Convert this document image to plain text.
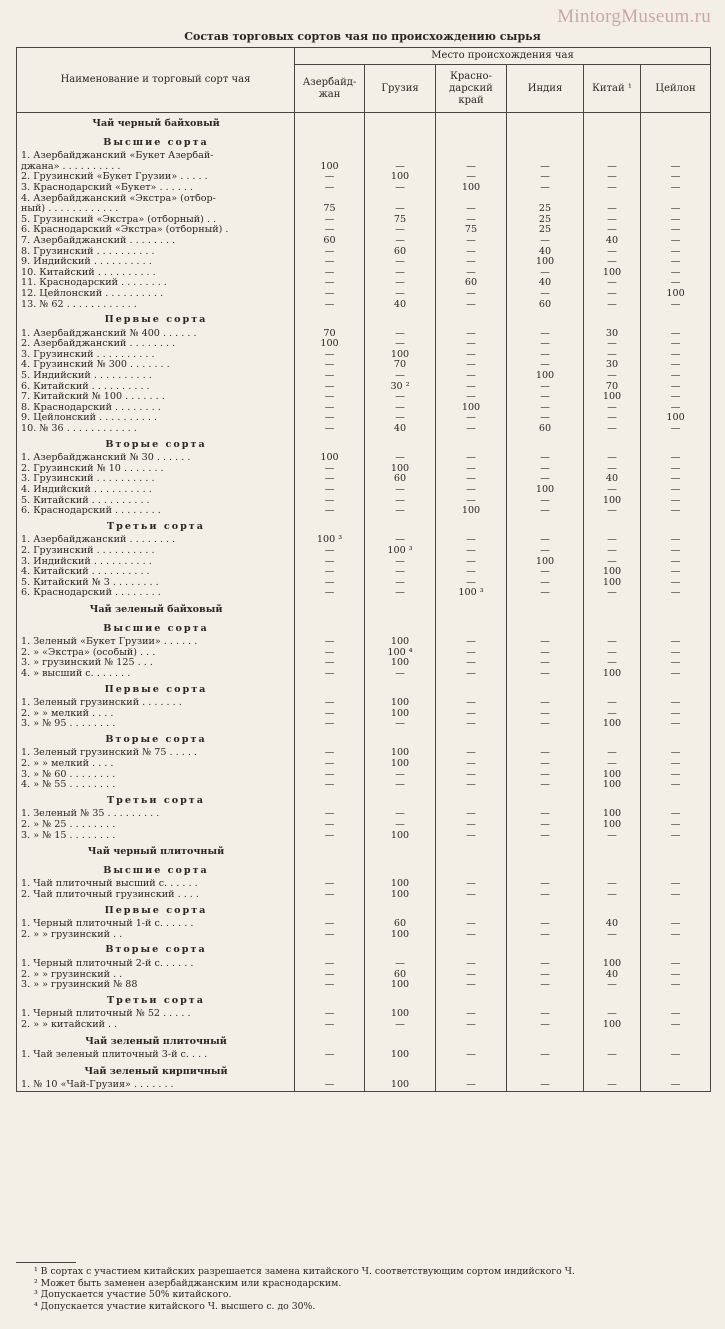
MintorgMuseum.ru
Состав торговых сортов чая по происхождению сырья
Наименование и торговый сорт чая	Место происхождения чая					
	Азербайд-жан	Грузия	Красно-дарский край	Индия	Китай ¹	Цейлон
Чай черный байховый						
Высшие сорта						
1. Азербайджанский «Букет Азербай-						
джана» . . . . . . . . . .	100	—	—	—	—	—
2. Грузинский «Букет Грузии» . . . . .	—	100	—	—	—	—
3. Краснодарский «Букет» . . . . . .	—	—	100	—	—	—
4. Азербайджанский «Экстра» (отбор-						
ный) . . . . . . . . . . . .	75	—	—	25	—	—
5. Грузинский «Экстра» (отборный) . .	—	75	—	25	—	—
6. Краснодарский «Экстра» (отборный) .	—	—	75	25	—	—
7. Азербайджанский . . . . . . . .	60	—	—	—	40	—
8. Грузинский . . . . . . . . . .	—	60	—	40	—	—
9. Индийский . . . . . . . . . .	—	—	—	100	—	—
10. Китайский . . . . . . . . . .	—	—	—	—	100	—
11. Краснодарский . . . . . . . .	—	—	60	40	—	—
12. Цейлонский . . . . . . . . . .	—	—	—	—	—	100
13. № 62 . . . . . . . . . . . .	—	40	—	60	—	—
Первые сорта						
1. Азербайджанский № 400 . . . . . .	70	—	—	—	30	—
2. Азербайджанский . . . . . . . .	100	—	—	—	—	—
3. Грузинский . . . . . . . . . .	—	100	—	—	—	—
4. Грузинский № 300 . . . . . . .	—	70	—	—	30	—
5. Индийский . . . . . . . . . .	—	—	—	100	—	—
6. Китайский . . . . . . . . . .	—	30 ²	—	—	70	—
7. Китайский № 100 . . . . . . .	—	—	—	—	100	—
8. Краснодарский . . . . . . . .	—	—	100	—	—	—
9. Цейлонский . . . . . . . . . .	—	—	—	—	—	100
10. № 36 . . . . . . . . . . . .	—	40	—	60	—	—
Вторые сорта						
1. Азербайджанский № 30 . . . . . .	100	—	—	—	—	—
2. Грузинский № 10 . . . . . . .	—	100	—	—	—	—
3. Грузинский . . . . . . . . . .	—	60	—	—	40	—
4. Индийский . . . . . . . . . .	—	—	—	100	—	—
5. Китайский . . . . . . . . . .	—	—	—	—	100	—
6. Краснодарский . . . . . . . .	—	—	100	—	—	—
Третьи сорта						
1. Азербайджанский . . . . . . . .	100 ³	—	—	—	—	—
2. Грузинский . . . . . . . . . .	—	100 ³	—	—	—	—
3. Индийский . . . . . . . . . .	—	—	—	100	—	—
4. Китайский . . . . . . . . . .	—	—	—	—	100	—
5. Китайский № 3 . . . . . . . .	—	—	—	—	100	—
6. Краснодарский . . . . . . . .	—	—	100 ³	—	—	—
Чай зеленый байховый						
Высшие сорта						
1. Зеленый «Букет Грузии» . . . . . .	—	100	—	—	—	—
2. » «Экстра» (особый) . . .	—	100 ⁴	—	—	—	—
3. » грузинский № 125 . . .	—	100	—	—	—	—
4. » высший с. . . . . . .	—	—	—	—	100	—
Первые сорта						
1. Зеленый грузинский . . . . . . .	—	100	—	—	—	—
2. » » мелкий . . . .	—	100	—	—	—	—
3. » № 95 . . . . . . . .	—	—	—	—	100	—
Вторые сорта						
1. Зеленый грузинский № 75 . . . . .	—	100	—	—	—	—
2. » » мелкий . . . .	—	100	—	—	—	—
3. » № 60 . . . . . . . .	—	—	—	—	100	—
4. » № 55 . . . . . . . .	—	—	—	—	100	—
Третьи сорта						
1. Зеленый № 35 . . . . . . . . .	—	—	—	—	100	—
2. » № 25 . . . . . . . .	—	—	—	—	100	—
3. » № 15 . . . . . . . .	—	100	—	—	—	—
Чай черный плиточный						
Высшие сорта						
1. Чай плиточный высший с. . . . . .	—	100	—	—	—	—
2. Чай плиточный грузинский . . . .	—	100	—	—	—	—
Первые сорта						
1. Черный плиточный 1-й с. . . . . .	—	60	—	—	40	—
2. » » грузинский . .	—	100	—	—	—	—
Вторые сорта						
1. Черный плиточный 2-й с. . . . . .	—	—	—	—	100	—
2. » » грузинский . .	—	60	—	—	40	—
3. » » грузинский № 88	—	100	—	—	—	—
Третьи сорта						
1. Черный плиточный № 52 . . . . .	—	100	—	—	—	—
2. » » китайский . .	—	—	—	—	100	—
Чай зеленый плиточный						
1. Чай зеленый плиточный 3-й с. . . .	—	100	—	—	—	—
Чай зеленый кирпичный						
1. № 10 «Чай-Грузия» . . . . . . .	—	100	—	—	—	—
¹ В сортах с участием китайских разрешается замена китайского Ч. соответствующим сортом индийского Ч.
² Может быть заменен азербайджанским или краснодарским.
³ Допускается участие 50% китайского.
⁴ Допускается участие китайского Ч. высшего с. до 30%.
